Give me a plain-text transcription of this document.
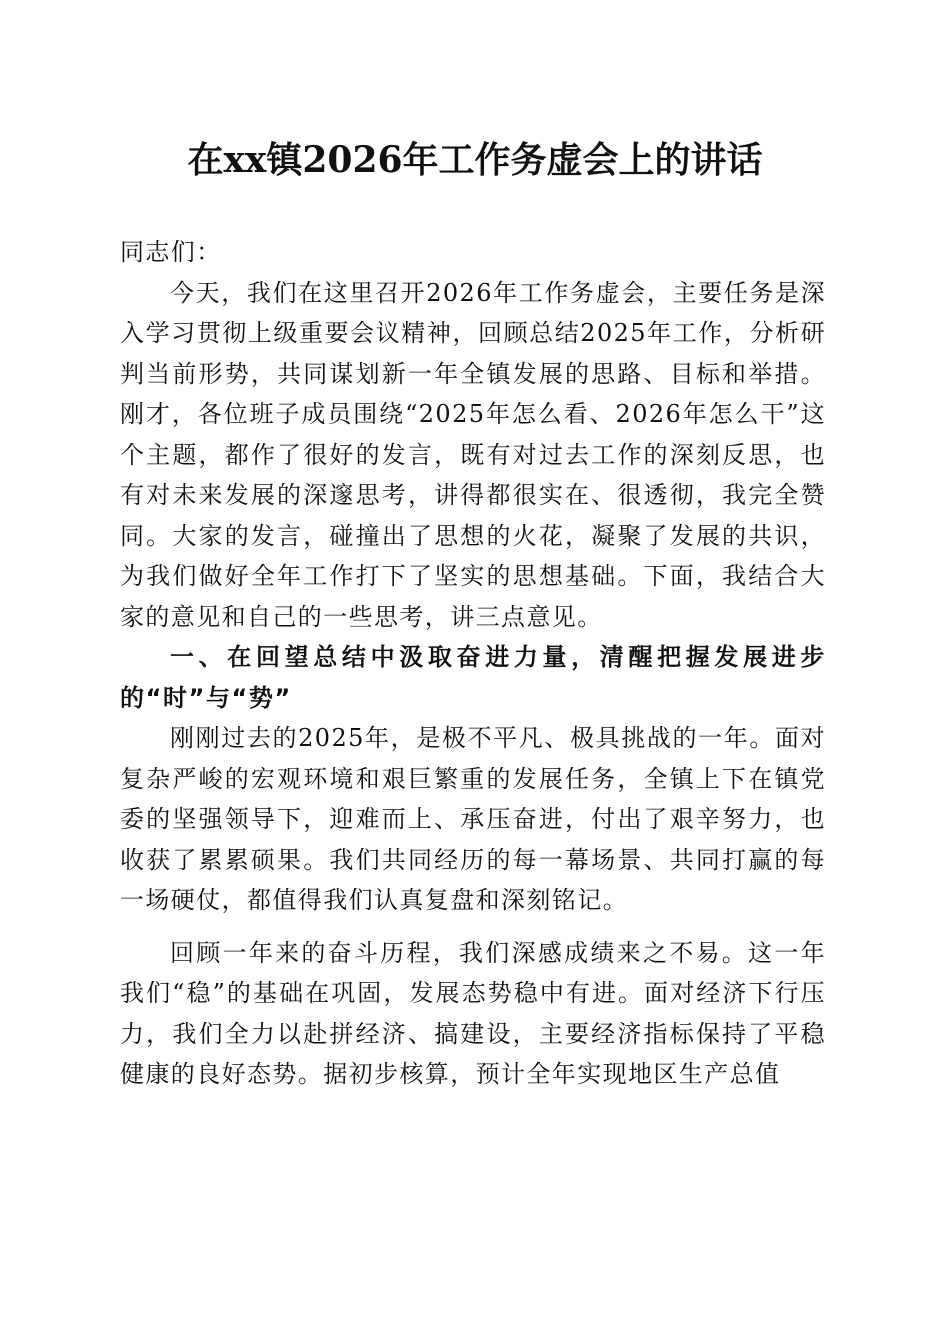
在xx镇2026年工作务虚会上的讲话

同志们：

今天，我们在这里召开2026年工作务虚会，主要任务是深入学习贯彻上级重要会议精神，回顾总结2025年工作，分析研判当前形势，共同谋划新一年全镇发展的思路、目标和举措。刚才，各位班子成员围绕“2025年怎么看、2026年怎么干”这个主题，都作了很好的发言，既有对过去工作的深刻反思，也有对未来发展的深邃思考，讲得都很实在、很透彻，我完全赞同。大家的发言，碰撞出了思想的火花，凝聚了发展的共识，为我们做好全年工作打下了坚实的思想基础。下面，我结合大家的意见和自己的一些思考，讲三点意见。

一、在回望总结中汲取奋进力量，清醒把握发展进步的“时”与“势”

刚刚过去的2025年，是极不平凡、极具挑战的一年。面对复杂严峻的宏观环境和艰巨繁重的发展任务，全镇上下在镇党委的坚强领导下，迎难而上、承压奋进，付出了艰辛努力，也收获了累累硕果。我们共同经历的每一幕场景、共同打赢的每一场硬仗，都值得我们认真复盘和深刻铭记。

回顾一年来的奋斗历程，我们深感成绩来之不易。这一年我们“稳”的基础在巩固，发展态势稳中有进。面对经济下行压力，我们全力以赴拼经济、搞建设，主要经济指标保持了平稳健康的良好态势。据初步核算，预计全年实现地区生产总值
